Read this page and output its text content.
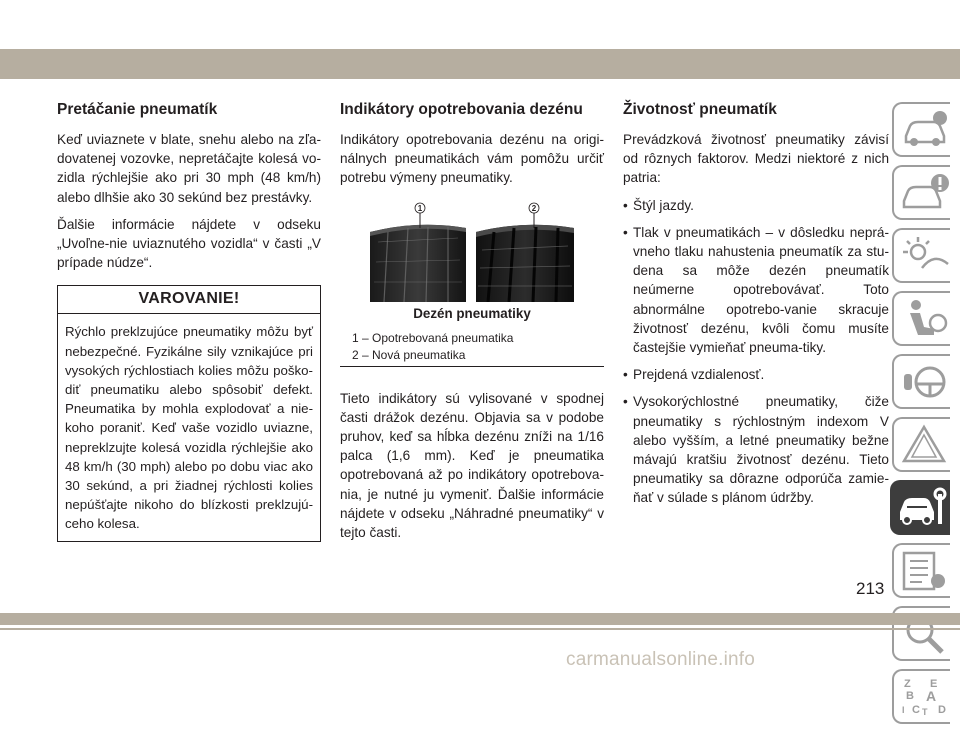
Pretáčanie pneumatík

Keď uviaznete v blate, snehu alebo na zľa-dovatenej vozovke, nepretáčajte kolesá vo-zidla rýchlejšie ako pri 30 mph (48 km/h) alebo dlhšie ako 30 sekúnd bez prestávky.

Ďalšie informácie nájdete v odseku „Uvoľne-nie uviaznutého vozidla“ v časti „V prípade núdze“.

VAROVANIE!
Rýchlo preklzujúce pneumatiky môžu byť nebezpečné. Fyzikálne sily vznikajúce pri vysokých rýchlostiach kolies môžu poško-diť pneumatiku alebo spôsobiť defekt. Pneumatika by mohla explodovať a nie-koho poraniť. Keď vaše vozidlo uviazne, nepreklzujte kolesá vozidla rýchlejšie ako 48 km/h (30 mph) alebo po dobu viac ako 30 sekúnd, a pri žiadnej rýchlosti kolies nepúšťajte nikoho do blízkosti preklzujú-ceho kolesa.
Indikátory opotrebovania dezénu

Indikátory opotrebovania dezénu na origi-nálnych pneumatikách vám pomôžu určiť potrebu výmeny pneumatiky.

1	2
Dezén pneumatiky
1 – Opotrebovaná pneumatika
2 – Nová pneumatika

Tieto indikátory sú vylisované v spodnej časti drážok dezénu. Objavia sa v podobe pruhov, keď sa hĺbka dezénu zníži na 1/16 palca (1,6 mm). Keď je pneumatika opotrebovaná až po indikátory opotrebova-nia, je nutné ju vymeniť. Ďalšie informácie nájdete v odseku „Náhradné pneumatiky“ v tejto časti.

Životnosť pneumatík

Prevádzková životnosť pneumatiky závisí od rôznych faktorov. Medzi niektoré z nich patria:

• Štýl jazdy.
• Tlak v pneumatikách – v dôsledku neprá-vneho tlaku nahustenia pneumatík za stu-dena sa môže dezén pneumatík neúmerne opotrebovávať. Toto abnormálne opotrebo-vanie skracuje životnosť dezénu, kvôli čomu musíte častejšie vymieňať pneuma-tiky.
• Prejdená vzdialenosť.
• Vysokorýchlostné pneumatiky, čiže pneumatiky s rýchlostným indexom V alebo vyšším, a letné pneumatiky bežne mávajú kratšiu životnosť dezénu. Tieto pneumatiky sa dôrazne odporúča zamie-ňať v súlade s plánom údržby.
Z E
B A
C D
I T
213
carmanualsonline.info
